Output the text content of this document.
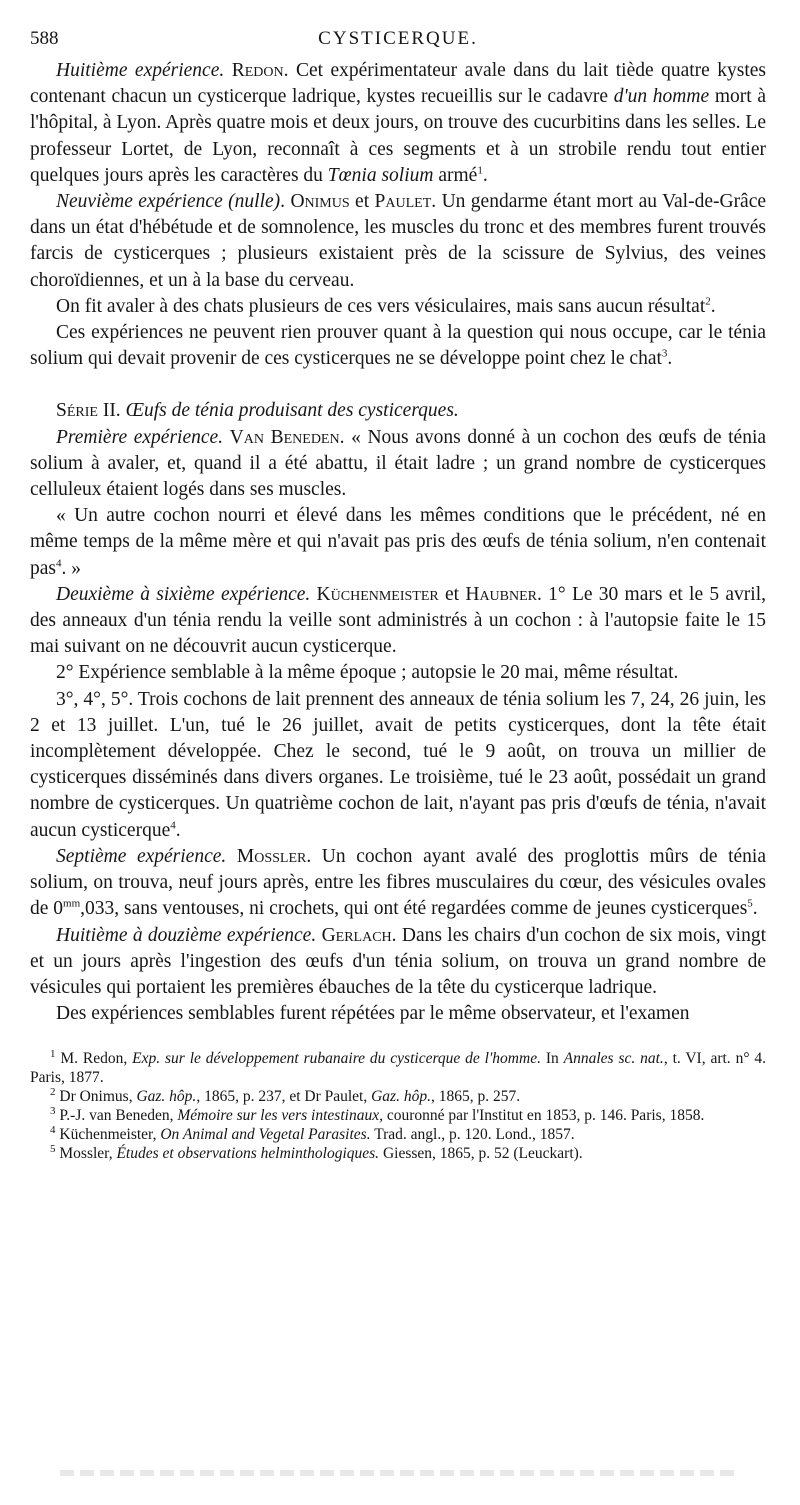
588	CYSTICERQUE.

Huitième expérience. Redon. Cet expérimentateur avale dans du lait tiède quatre kystes contenant chacun un cysticerque ladrique, kystes recueillis sur le cadavre d'un homme mort à l'hôpital, à Lyon. Après quatre mois et deux jours, on trouve des cucurbitins dans les selles. Le professeur Lortet, de Lyon, reconnaît à ces segments et à un strobile rendu tout entier quelques jours après les caractères du Tœnia solium armé$^1$.

Neuvième expérience (nulle). Onimus et Paulet. Un gendarme étant mort au Val-de-Grâce dans un état d'hébétude et de somnolence, les muscles du tronc et des membres furent trouvés farcis de cysticerques ; plusieurs existaient près de la scissure de Sylvius, des veines choroïdiennes, et un à la base du cerveau.

On fit avaler à des chats plusieurs de ces vers vésiculaires, mais sans aucun résultat$^2$.

Ces expériences ne peuvent rien prouver quant à la question qui nous occupe, car le ténia solium qui devait provenir de ces cysticerques ne se développe point chez le chat$^3$.

Série II. Œufs de ténia produisant des cysticerques.

Première expérience. Van Beneden. « Nous avons donné à un cochon des œufs de ténia solium à avaler, et, quand il a été abattu, il était ladre ; un grand nombre de cysticerques celluleux étaient logés dans ses muscles.

« Un autre cochon nourri et élevé dans les mêmes conditions que le précédent, né en même temps de la même mère et qui n'avait pas pris des œufs de ténia solium, n'en contenait pas$^4$. »

Deuxième à sixième expérience. Küchenmeister et Haubner. 1° Le 30 mars et le 5 avril, des anneaux d'un ténia rendu la veille sont administrés à un cochon : à l'autopsie faite le 15 mai suivant on ne découvrit aucun cysticerque.

2° Expérience semblable à la même époque ; autopsie le 20 mai, même résultat.

3°, 4°, 5°. Trois cochons de lait prennent des anneaux de ténia solium les 7, 24, 26 juin, les 2 et 13 juillet. L'un, tué le 26 juillet, avait de petits cysticerques, dont la tête était incomplètement développée. Chez le second, tué le 9 août, on trouva un millier de cysticerques disséminés dans divers organes. Le troisième, tué le 23 août, possédait un grand nombre de cysticerques. Un quatrième cochon de lait, n'ayant pas pris d'œufs de ténia, n'avait aucun cysticerque$^4$.

Septième expérience. Mossler. Un cochon ayant avalé des proglottis mûrs de ténia solium, on trouva, neuf jours après, entre les fibres musculaires du cœur, des vésicules ovales de $0^{mm},033$, sans ventouses, ni crochets, qui ont été regardées comme de jeunes cysticerques$^5$.

Huitième à douzième expérience. Gerlach. Dans les chairs d'un cochon de six mois, vingt et un jours après l'ingestion des œufs d'un ténia solium, on trouva un grand nombre de vésicules qui portaient les premières ébauches de la tête du cysticerque ladrique.

Des expériences semblables furent répétées par le même observateur, et l'examen

$^1$ M. Redon, Exp. sur le développement rubanaire du cysticerque de l'homme. In Annales sc. nat., t. VI, art. n° 4. Paris, 1877.

$^2$ Dr Onimus, Gaz. hôp., 1865, p. 237, et Dr Paulet, Gaz. hôp., 1865, p. 257.

$^3$ P.-J. van Beneden, Mémoire sur les vers intestinaux, couronné par l'Institut en 1853, p. 146. Paris, 1858.

$^4$ Küchenmeister, On Animal and Vegetal Parasites. Trad. angl., p. 120. Lond., 1857.

$^5$ Mossler, Études et observations helminthologiques. Giessen, 1865, p. 52 (Leuckart).
